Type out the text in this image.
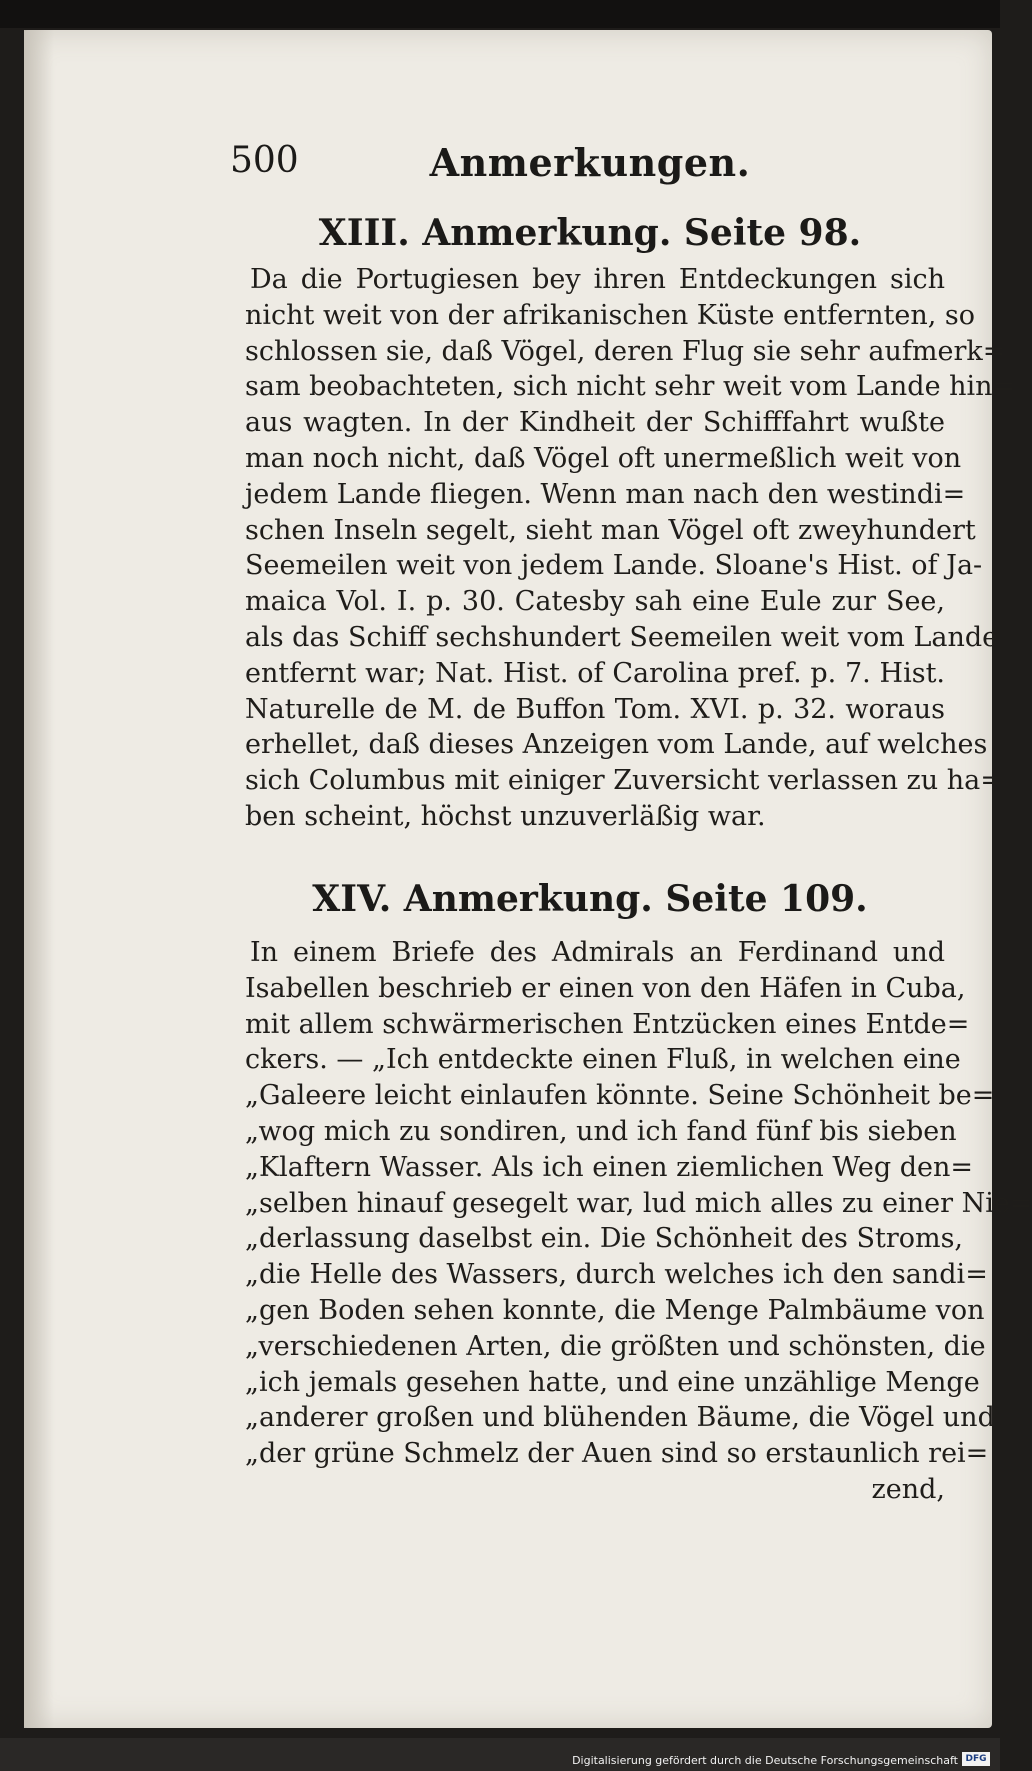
500	Anmerkungen.
XIII. Anmerkung. Seite 98.
Da die Portugiesen bey ihren Entdeckungen sich
nicht weit von der afrikanischen Küste entfernten, so
schlossen sie, daß Vögel, deren Flug sie sehr aufmerk=
sam beobachteten, sich nicht sehr weit vom Lande hin=
aus wagten. In der Kindheit der Schifffahrt wußte
man noch nicht, daß Vögel oft unermeßlich weit von
jedem Lande fliegen. Wenn man nach den westindi=
schen Inseln segelt, sieht man Vögel oft zweyhundert
Seemeilen weit von jedem Lande. Sloane's Hist. of Ja-
maica Vol. I. p. 30. Catesby sah eine Eule zur See,
als das Schiff sechshundert Seemeilen weit vom Lande
entfernt war; Nat. Hist. of Carolina pref. p. 7. Hist.
Naturelle de M. de Buffon Tom. XVI. p. 32. woraus
erhellet, daß dieses Anzeigen vom Lande, auf welches
sich Columbus mit einiger Zuversicht verlassen zu ha=
ben scheint, höchst unzuverläßig war.
XIV. Anmerkung. Seite 109.
In einem Briefe des Admirals an Ferdinand und
Isabellen beschrieb er einen von den Häfen in Cuba,
mit allem schwärmerischen Entzücken eines Entde=
ckers. — „Ich entdeckte einen Fluß, in welchen eine
„Galeere leicht einlaufen könnte. Seine Schönheit be=
„wog mich zu sondiren, und ich fand fünf bis sieben
„Klaftern Wasser. Als ich einen ziemlichen Weg den=
„selben hinauf gesegelt war, lud mich alles zu einer Nie=
„derlassung daselbst ein. Die Schönheit des Stroms,
„die Helle des Wassers, durch welches ich den sandi=
„gen Boden sehen konnte, die Menge Palmbäume von
„verschiedenen Arten, die größten und schönsten, die
„ich jemals gesehen hatte, und eine unzählige Menge
„anderer großen und blühenden Bäume, die Vögel und
„der grüne Schmelz der Auen sind so erstaunlich rei=
zend,
Digitalisierung gefördert durch die Deutsche Forschungsgemeinschaft DFG
